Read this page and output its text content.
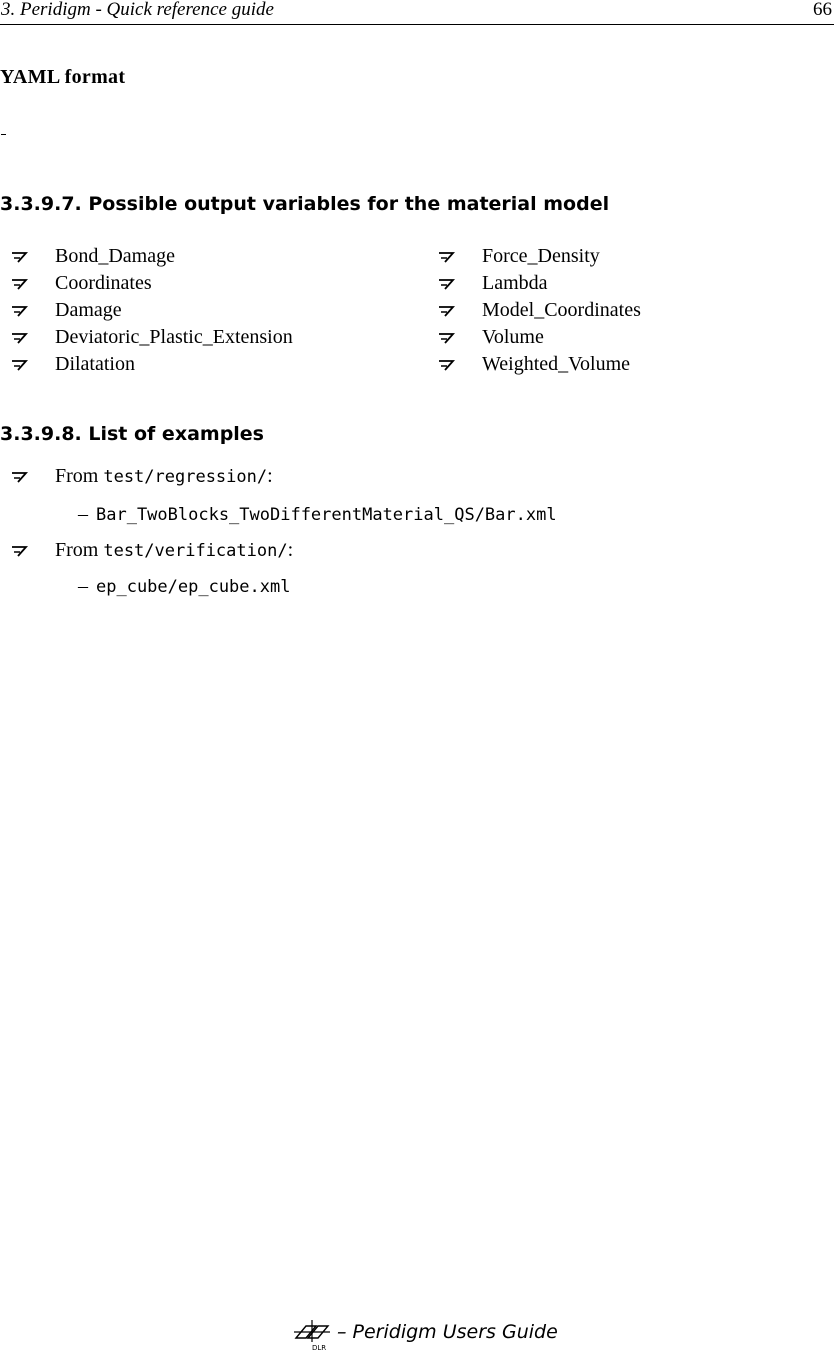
3. Peridigm - Quick reference guide	66
YAML format
3.3.9.7. Possible output variables for the material model
Bond_Damage
Coordinates
Damage
Deviatoric_Plastic_Extension
Dilatation
Force_Density
Lambda
Model_Coordinates
Volume
Weighted_Volume
3.3.9.8. List of examples
From test/regression/:
– Bar_TwoBlocks_TwoDifferentMaterial_QS/Bar.xml
From test/verification/:
– ep_cube/ep_cube.xml
DLR
– Peridigm Users Guide
